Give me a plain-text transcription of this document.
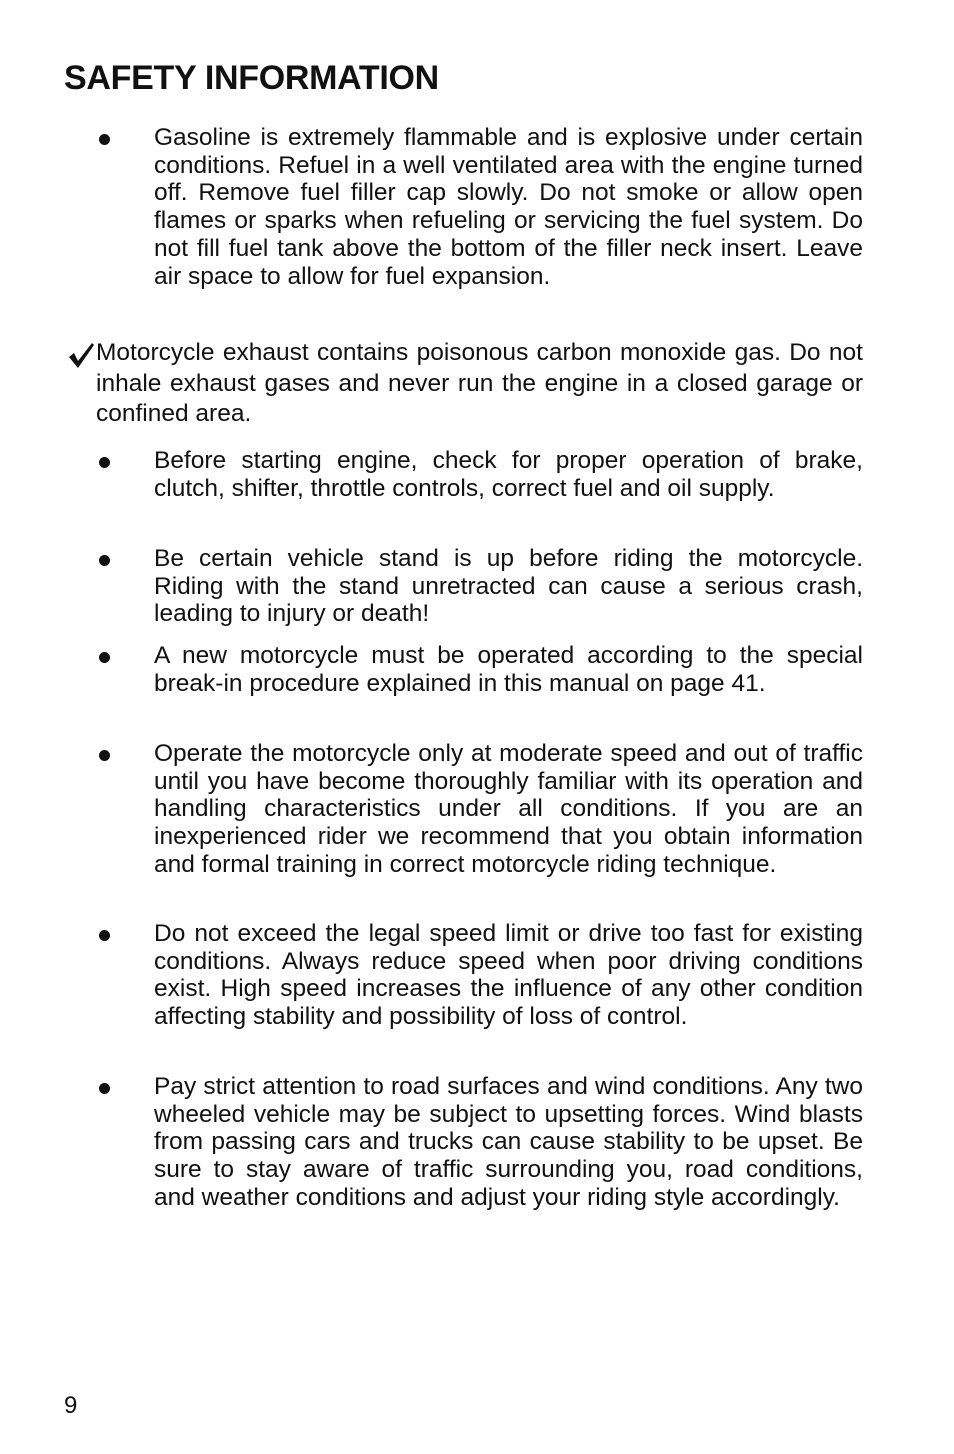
SAFETY INFORMATION

Gasoline is extremely flammable and is explosive under certain conditions. Refuel in a well ventilated area with the engine turned off. Remove fuel filler cap slowly. Do not smoke or allow open flames or sparks when refueling or servicing the fuel system. Do not fill fuel tank above the bottom of the filler neck insert. Leave air space to allow for fuel expansion.

Motorcycle exhaust contains poisonous carbon monoxide gas. Do not inhale exhaust gases and never run the engine in a closed garage or confined area.

Before starting engine, check for proper operation of brake, clutch, shifter, throttle controls, correct fuel and oil supply.

Be certain vehicle stand is up before riding the motorcycle. Riding with the stand unretracted can cause a serious crash, leading to injury or death!

A new motorcycle must be operated according to the special break-in procedure explained in this manual on page 41.

Operate the motorcycle only at moderate speed and out of traffic until you have become thoroughly familiar with its operation and handling characteristics under all conditions. If you are an inexperienced rider we recommend that you obtain information and formal training in correct motorcycle riding technique.

Do not exceed the legal speed limit or drive too fast for existing conditions. Always reduce speed when poor driving conditions exist. High speed increases the influence of any other condition affecting stability and possibility of loss of control.

Pay strict attention to road surfaces and wind conditions. Any two wheeled vehicle may be subject to upsetting forces. Wind blasts from passing cars and trucks can cause stability to be upset. Be sure to stay aware of traffic surrounding you, road conditions, and weather conditions and adjust your riding style accordingly.

9
